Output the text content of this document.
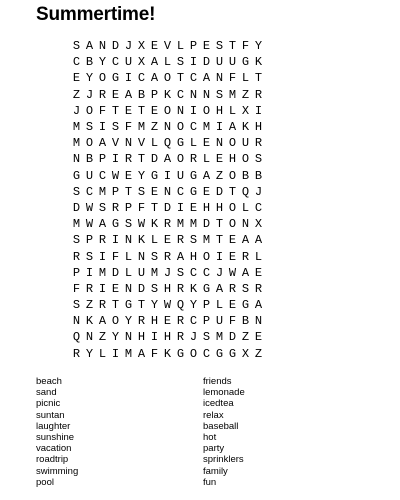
Summertime!
S A N D J X E V L P E S T F Y
C B Y C U X A L S I D U U G K
E Y O G I C A O T C A N F L T
Z J R E A B P K C N N S M Z R
J O F T E T E O N I O H L X I
M S I S F M Z N O C M I A K H
M O A V N V L Q G L E N O U R
N B P I R T D A O R L E H O S
G U C W E Y G I U G A Z O B B
S C M P T S E N C G E D T Q J
D W S R P F T D I E H H O L C
M W A G S W K R M M D T O N X
S P R I N K L E R S M T E A A
R S I F L N S R A H O I E R L
P I M D L U M J S C C J W A E
F R I E N D S H R K G A R S R
S Z R T G T Y W Q Y P L E G A
N K A O Y R H E R C P U F B N
Q N Z Y N H I H R J S M D Z E
R Y L I M A F K G O C G G X Z
beach
sand
picnic
suntan
laughter
sunshine
vacation
roadtrip
swimming
pool
friends
lemonade
icedtea
relax
baseball
hot
party
sprinklers
family
fun
